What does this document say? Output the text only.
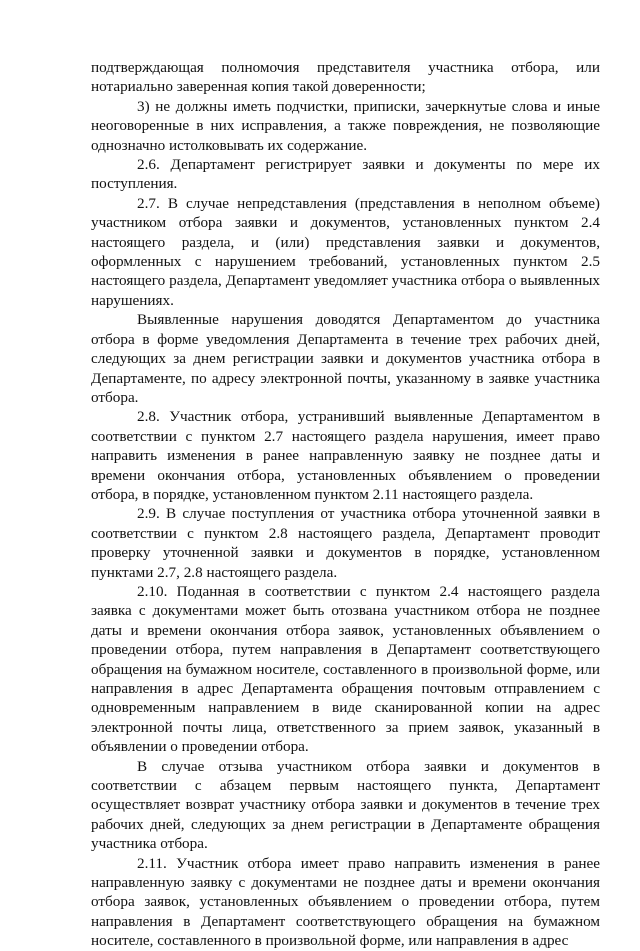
подтверждающая полномочия представителя участника отбора, или нотариально заверенная копия такой доверенности;

3) не должны иметь подчистки, приписки, зачеркнутые слова и иные неоговоренные в них исправления, а также повреждения, не позволяющие однозначно истолковывать их содержание.

2.6. Департамент регистрирует заявки и документы по мере их поступления.

2.7. В случае непредставления (представления в неполном объеме) участником отбора заявки и документов, установленных пунктом 2.4 настоящего раздела, и (или) представления заявки и документов, оформленных с нарушением требований, установленных пунктом 2.5 настоящего раздела, Департамент уведомляет участника отбора о выявленных нарушениях.

Выявленные нарушения доводятся Департаментом до участника отбора в форме уведомления Департамента в течение трех рабочих дней, следующих за днем регистрации заявки и документов участника отбора в Департаменте, по адресу электронной почты, указанному в заявке участника отбора.

2.8. Участник отбора, устранивший выявленные Департаментом в соответствии с пунктом 2.7 настоящего раздела нарушения, имеет право направить изменения в ранее направленную заявку не позднее даты и времени окончания отбора, установленных объявлением о проведении отбора, в порядке, установленном пунктом 2.11 настоящего раздела.

2.9. В случае поступления от участника отбора уточненной заявки в соответствии с пунктом 2.8 настоящего раздела, Департамент проводит проверку уточненной заявки и документов в порядке, установленном пунктами 2.7, 2.8 настоящего раздела.

2.10. Поданная в соответствии с пунктом 2.4 настоящего раздела заявка с документами может быть отозвана участником отбора не позднее даты и времени окончания отбора заявок, установленных объявлением о проведении отбора, путем направления в Департамент соответствующего обращения на бумажном носителе, составленного в произвольной форме, или направления в адрес Департамента обращения почтовым отправлением с одновременным направлением в виде сканированной копии на адрес электронной почты лица, ответственного за прием заявок, указанный в объявлении о проведении отбора.

В случае отзыва участником отбора заявки и документов в соответствии с абзацем первым настоящего пункта, Департамент осуществляет возврат участнику отбора заявки и документов в течение трех рабочих дней, следующих за днем регистрации в Департаменте обращения участника отбора.

2.11. Участник отбора имеет право направить изменения в ранее направленную заявку с документами не позднее даты и времени окончания отбора заявок, установленных объявлением о проведении отбора, путем направления в Департамент соответствующего обращения на бумажном носителе, составленного в произвольной форме, или направления в адрес
